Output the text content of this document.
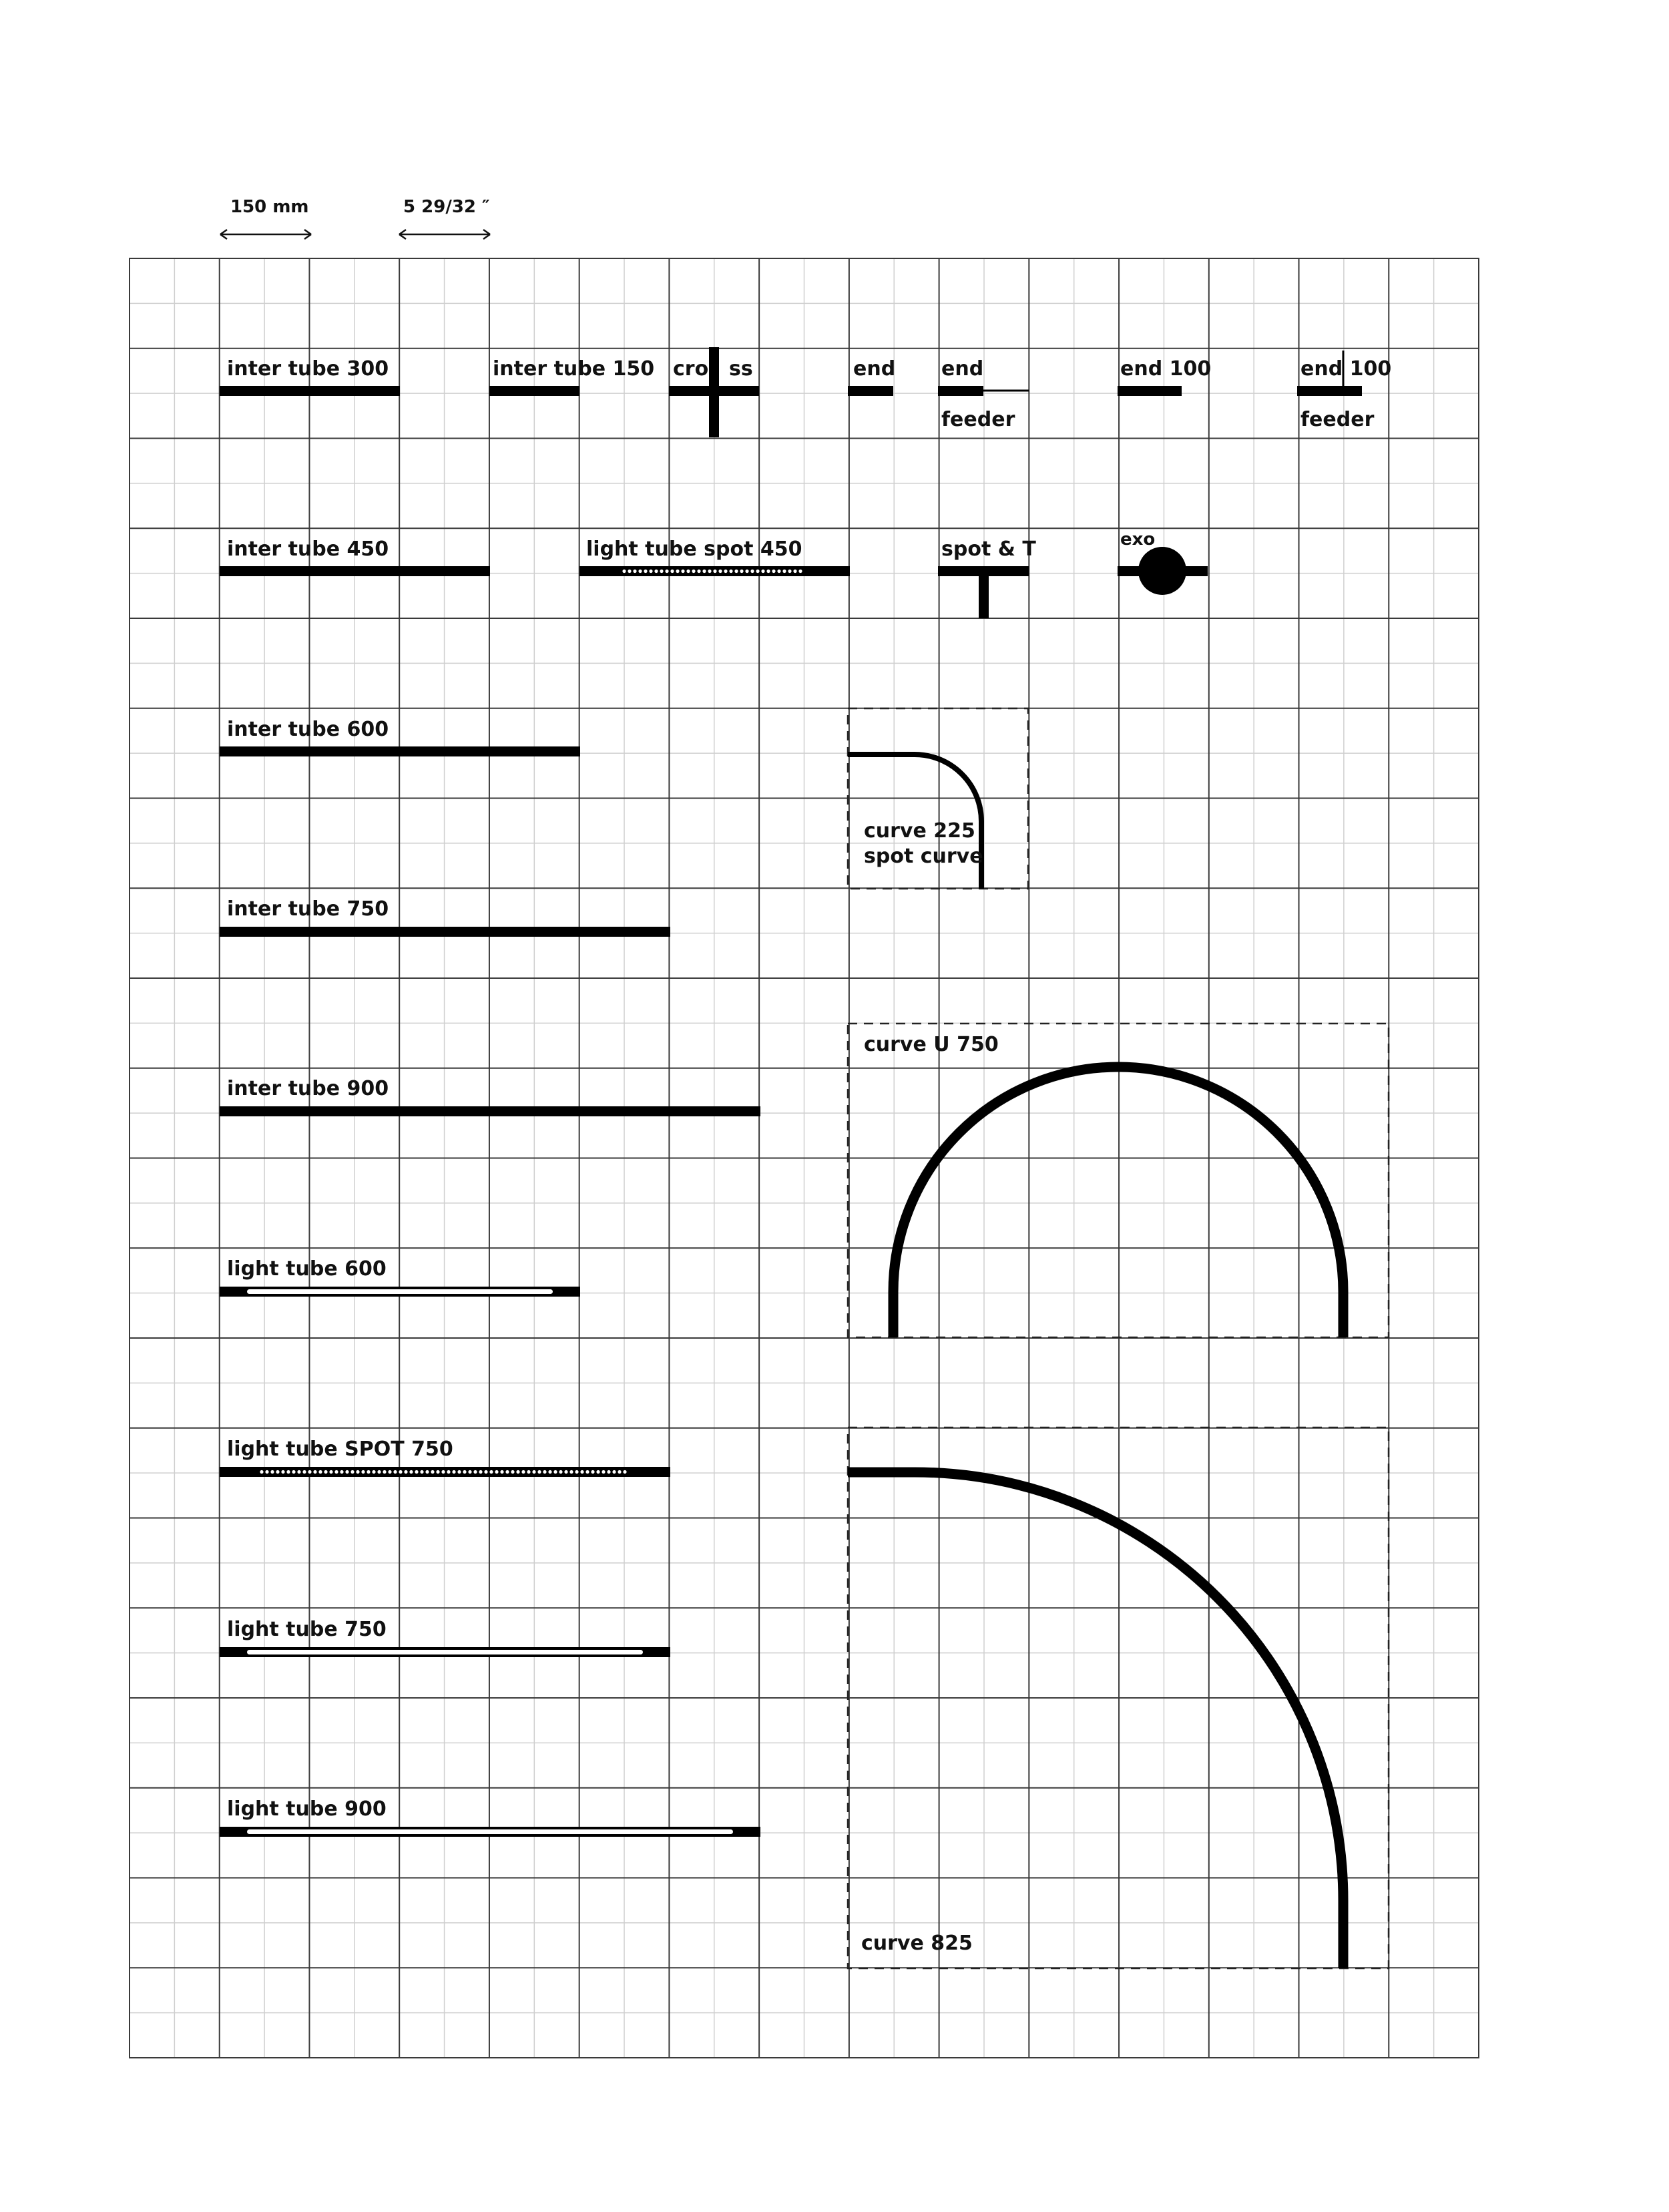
150 mm	5 29/32 ″
inter tube 300	inter tube 150 cro ss	end end
feeder
end 100	end 100
feeder
inter tube 450	light tube spot 450	spot & T	exo
inter tube 600
curve 225
spot curve
inter tube 750
curve U 750
inter tube 900
light tube 600
light tube SPOT 750
curve 825
light tube 750
light tube 900
